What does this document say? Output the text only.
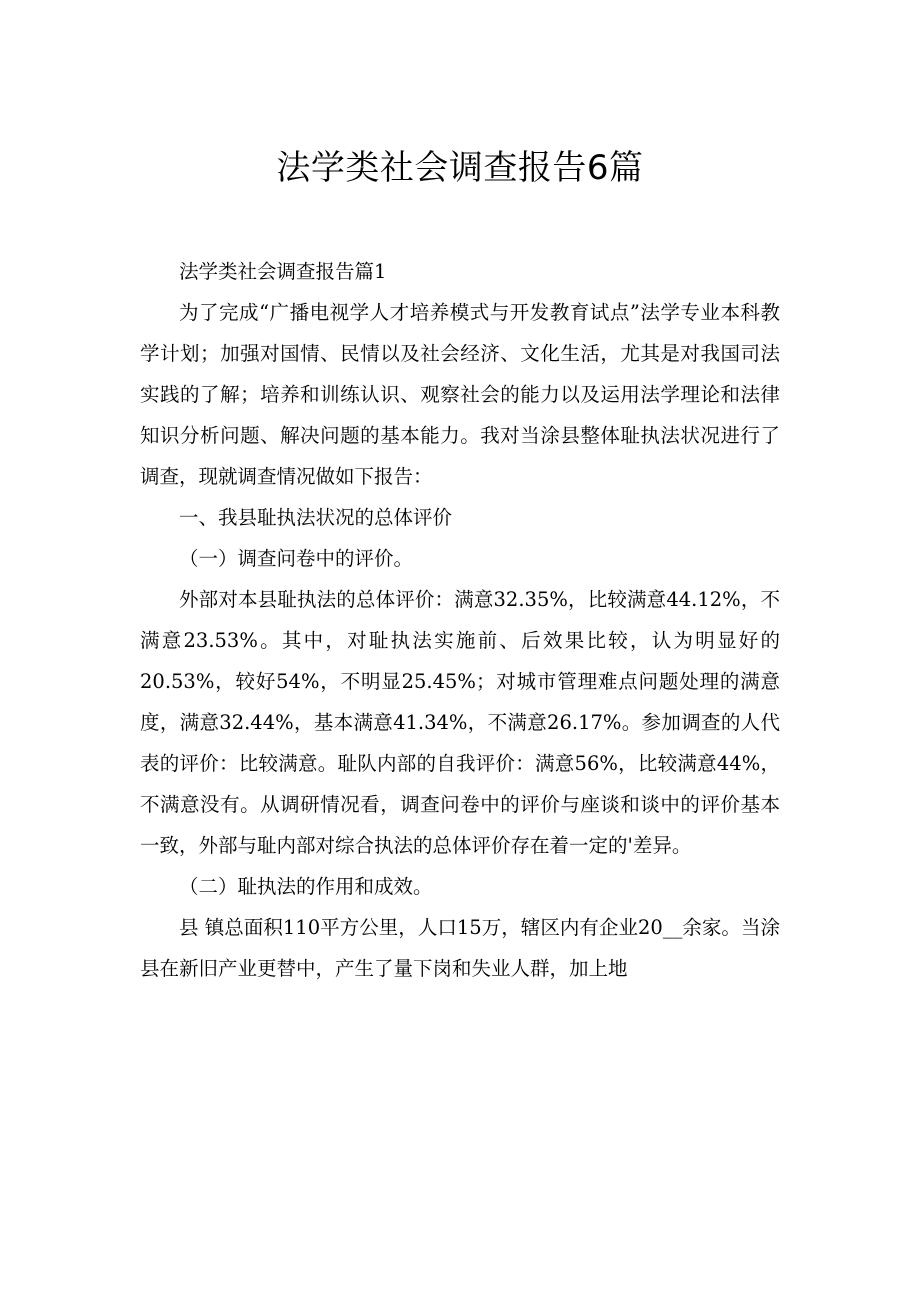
法学类社会调查报告6篇

法学类社会调查报告篇1

为了完成“广播电视学人才培养模式与开发教育试点”法学专业本科教学计划；加强对国情、民情以及社会经济、文化生活，尤其是对我国司法实践的了解；培养和训练认识、观察社会的能力以及运用法学理论和法律知识分析问题、解决问题的基本能力。我对当涂县整体耻执法状况进行了调查，现就调查情况做如下报告：

一、我县耻执法状况的总体评价

（一）调查问卷中的评价。

外部对本县耻执法的总体评价：满意32.35%，比较满意44.12%，不满意23.53%。其中，对耻执法实施前、后效果比较，认为明显好的20.53%，较好54%，不明显25.45%；对城市管理难点问题处理的满意度，满意32.44%，基本满意41.34%，不满意26.17%。参加调查的人代表的评价：比较满意。耻队内部的自我评价：满意56%，比较满意44%，不满意没有。从调研情况看，调查问卷中的评价与座谈和谈中的评价基本一致，外部与耻内部对综合执法的总体评价存在着一定的'差异。

（二）耻执法的作用和成效。

县 镇总面积110平方公里，人口15万，辖区内有企业20__余家。当涂县在新旧产业更替中，产生了量下岗和失业人群，加上地
